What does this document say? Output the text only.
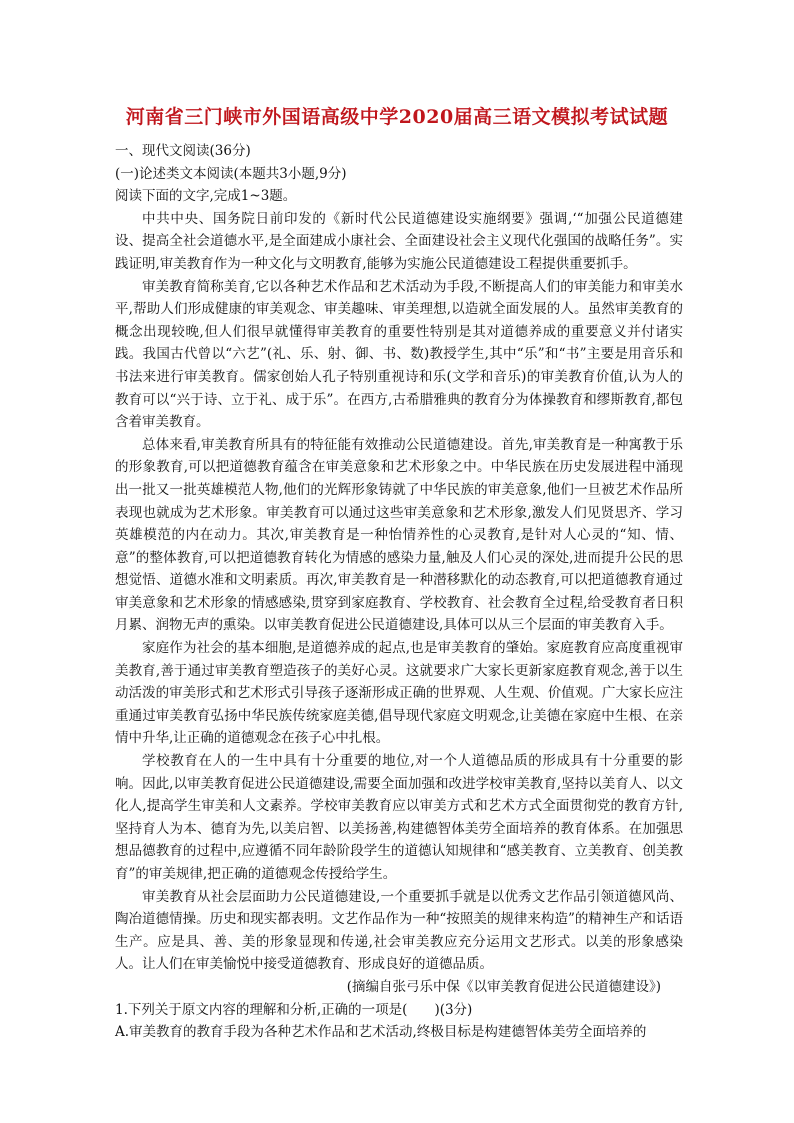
河南省三门峡市外国语高级中学2020届高三语文模拟考试试题

一、现代文阅读(36分)

(一)论述类文本阅读(本题共3小题,9分)

阅读下面的文字,完成1~3题。

中共中央、国务院日前印发的《新时代公民道德建设实施纲要》强调,‘“加强公民道德建设、提高全社会道德水平,是全面建成小康社会、全面建设社会主义现代化强国的战略任务”。实践证明,审美教育作为一种文化与文明教育,能够为实施公民道德建设工程提供重要抓手。

审美教育简称美育,它以各种艺术作品和艺术活动为手段,不断提高人们的审美能力和审美水平,帮助人们形成健康的审美观念、审美趣味、审美理想,以造就全面发展的人。虽然审美教育的概念出现较晚,但人们很早就懂得审美教育的重要性特别是其对道德养成的重要意义并付诸实践。我国古代曾以“六艺”(礼、乐、射、御、书、数)教授学生,其中“乐”和“书”主要是用音乐和书法来进行审美教育。儒家创始人孔子特别重视诗和乐(文学和音乐)的审美教育价值,认为人的教育可以“兴于诗、立于礼、成于乐”。在西方,古希腊雅典的教育分为体操教育和缪斯教育,都包含着审美教育。

总体来看,审美教育所具有的特征能有效推动公民道德建设。首先,审美教育是一种寓教于乐的形象教育,可以把道德教育蕴含在审美意象和艺术形象之中。中华民族在历史发展进程中涌现出一批又一批英雄模范人物,他们的光辉形象铸就了中华民族的审美意象,他们一旦被艺术作品所表现也就成为艺术形象。审美教育可以通过这些审美意象和艺术形象,激发人们见贤思齐、学习英雄模范的内在动力。其次,审美教育是一种怡情养性的心灵教育,是针对人心灵的“知、情、意”的整体教育,可以把道德教育转化为情感的感染力量,触及人们心灵的深处,进而提升公民的思想觉悟、道德水准和文明素质。再次,审美教育是一种潜移默化的动态教育,可以把道德教育通过审美意象和艺术形象的情感感染,贯穿到家庭教育、学校教育、社会教育全过程,给受教育者日积月累、润物无声的熏染。以审美教育促进公民道德建设,具体可以从三个层面的审美教育入手。

家庭作为社会的基本细胞,是道德养成的起点,也是审美教育的肇始。家庭教育应高度重视审美教育,善于通过审美教育塑造孩子的美好心灵。这就要求广大家长更新家庭教育观念,善于以生动活泼的审美形式和艺术形式引导孩子逐渐形成正确的世界观、人生观、价值观。广大家长应注重通过审美教育弘扬中华民族传统家庭美德,倡导现代家庭文明观念,让美德在家庭中生根、在亲情中升华,让正确的道德观念在孩子心中扎根。

学校教育在人的一生中具有十分重要的地位,对一个人道德品质的形成具有十分重要的影响。因此,以审美教育促进公民道德建设,需要全面加强和改进学校审美教育,坚持以美育人、以文化人,提高学生审美和人文素养。学校审美教育应以审美方式和艺术方式全面贯彻党的教育方针,坚持育人为本、德育为先,以美启智、以美扬善,构建德智体美劳全面培养的教育体系。在加强思想品德教育的过程中,应遵循不同年龄阶段学生的道德认知规律和“感美教育、立美教育、创美教育”的审美规律,把正确的道德观念传授给学生。

审美教育从社会层面助力公民道德建设,一个重要抓手就是以优秀文艺作品引领道德风尚、陶冶道德情操。历史和现实都表明。文艺作品作为一种“按照美的规律来构造”的精神生产和话语生产。应是具、善、美的形象显现和传递,社会审美教应充分运用文艺形式。以美的形象感染人。让人们在审美愉悦中接受道德教育、形成良好的道德品质。

(摘编自张弓乐中保《以审美教育促进公民道德建设》)

1.下列关于原文内容的理解和分析,正确的一项是(　　)(3分)

A.审美教育的教育手段为各种艺术作品和艺术活动,终极目标是构建德智体美劳全面培养的
